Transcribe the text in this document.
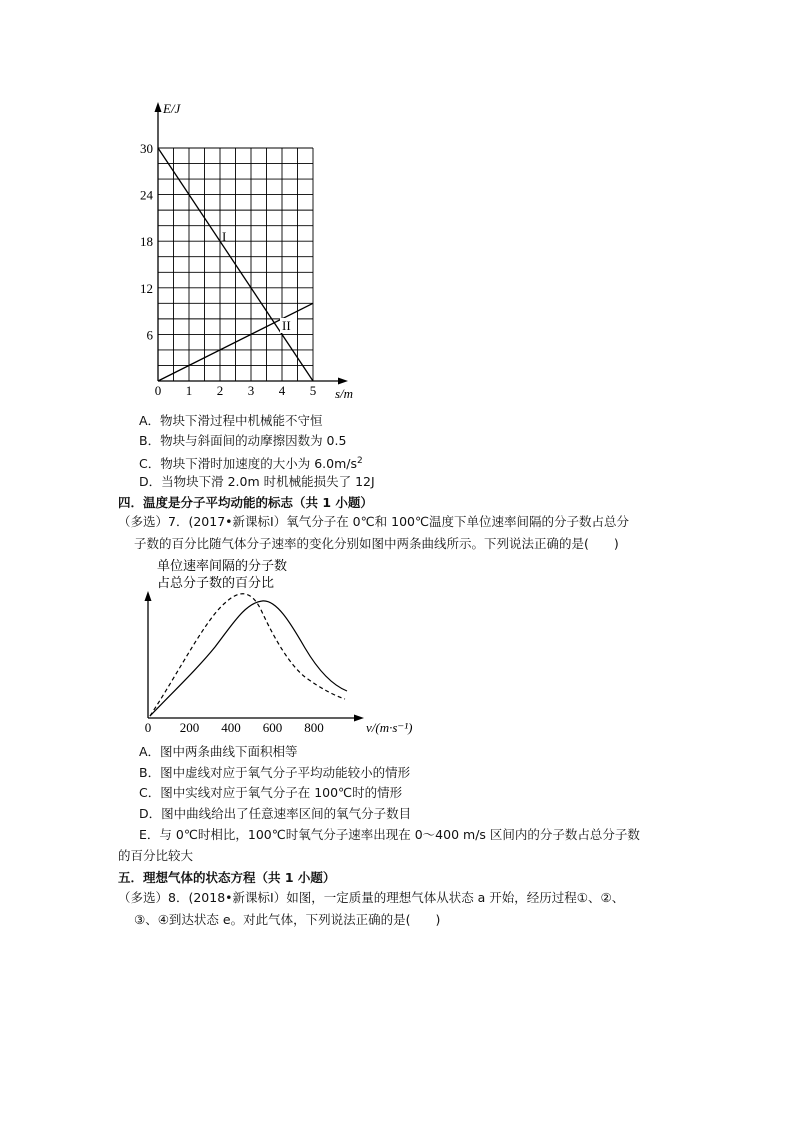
E/J
s/m
30
24
18
12
6
0 1 2 3 4 5
I
II
A．物块下滑过程中机械能不守恒
B．物块与斜面间的动摩擦因数为 0.5
C．物块下滑时加速度的大小为 $6.0m/s^2$
D．当物块下滑 2.0m 时机械能损失了 12J
四．温度是分子平均动能的标志（共 1 小题）
（多选）7．(2017•新课标Ⅰ）氧气分子在 0℃和 100℃温度下单位速率间隔的分子数占总分
子数的百分比随气体分子速率的变化分别如图中两条曲线所示。下列说法正确的是(　　)
单位速率间隔的分子数
占总分子数的百分比
0 200 400 600 800	v/(m·s⁻¹)
A．图中两条曲线下面积相等
B．图中虚线对应于氧气分子平均动能较小的情形
C．图中实线对应于氧气分子在 100℃时的情形
D．图中曲线给出了任意速率区间的氧气分子数目
E．与 0℃时相比，100℃时氧气分子速率出现在 0～400 m/s 区间内的分子数占总分子数
的百分比较大
五．理想气体的状态方程（共 1 小题）
（多选）8．(2018•新课标Ⅰ）如图，一定质量的理想气体从状态 a 开始，经历过程①、②、
③、④到达状态 e。对此气体，下列说法正确的是(　　)
